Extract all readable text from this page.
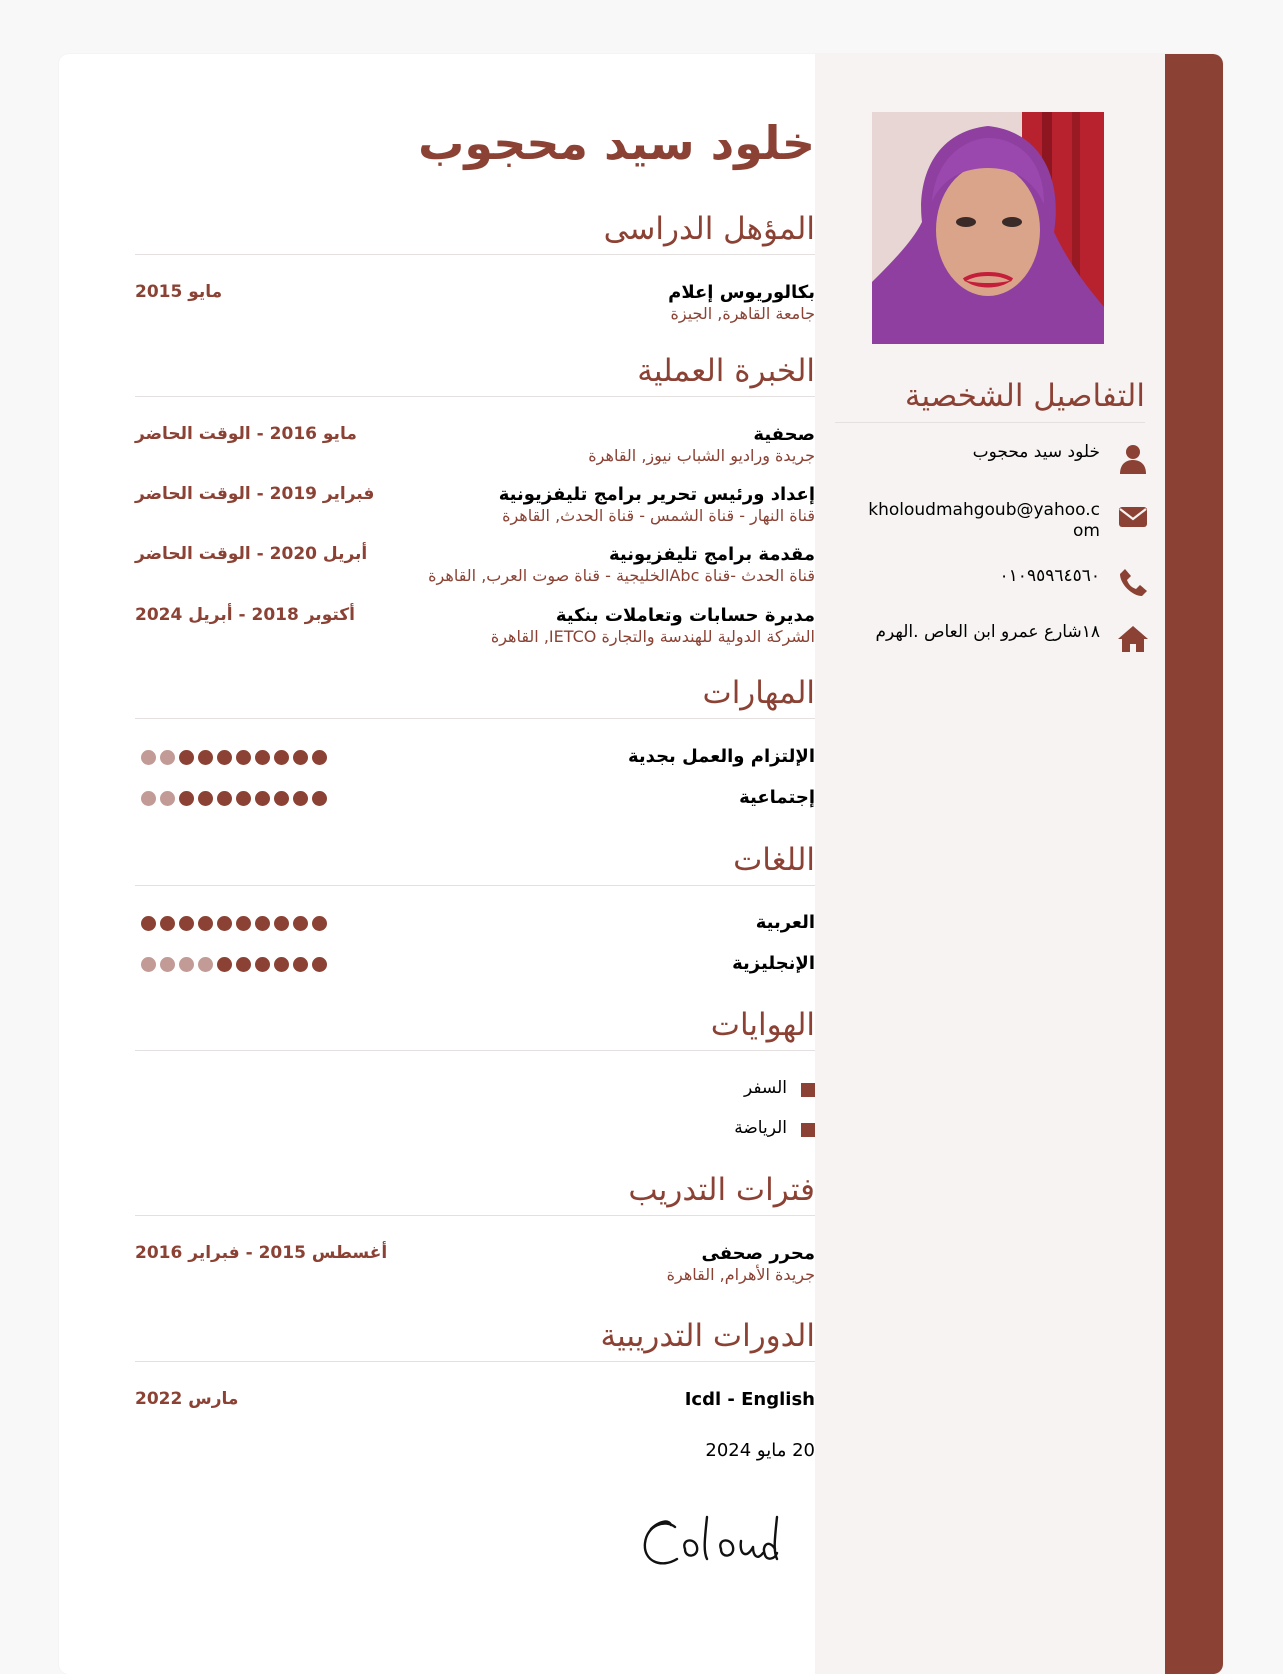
خلود سيد محجوب
المؤهل الدراسى
بكالوريوس إعلام
جامعة القاهرة, الجيزة
مايو 2015
الخبرة العملية
صحفية
جريدة وراديو الشباب نيوز, القاهرة
مايو 2016 - الوقت الحاضر
إعداد ورئيس تحرير برامج تليفزيونية
قناة النهار - قناة الشمس - قناة الحدث, القاهرة
فبراير 2019 - الوقت الحاضر
مقدمة برامج تليفزيونية
قناة الحدث -قناة Abcالخليجية - قناة صوت العرب, القاهرة
أبريل 2020 - الوقت الحاضر
مديرة حسابات وتعاملات بنكية
الشركة الدولية للهندسة والتجارة IETCO, القاهرة
أكتوبر 2018 - أبريل 2024
المهارات
الإلتزام والعمل بجدية
إجتماعية
اللغات
العربية
الإنجليزية
الهوايات
السفر
الرياضة
فترات التدريب
محرر صحفى
جريدة الأهرام, القاهرة
أغسطس 2015 - فبراير 2016
الدورات التدريبية
Icdl - English
مارس 2022
20 مايو 2024
التفاصيل الشخصية
خلود سيد محجوب
kholoudmahgoub@yahoo.com
٠١٠٩٥٩٦٤٥٦٠
١٨شارع عمرو ابن العاص .الهرم
